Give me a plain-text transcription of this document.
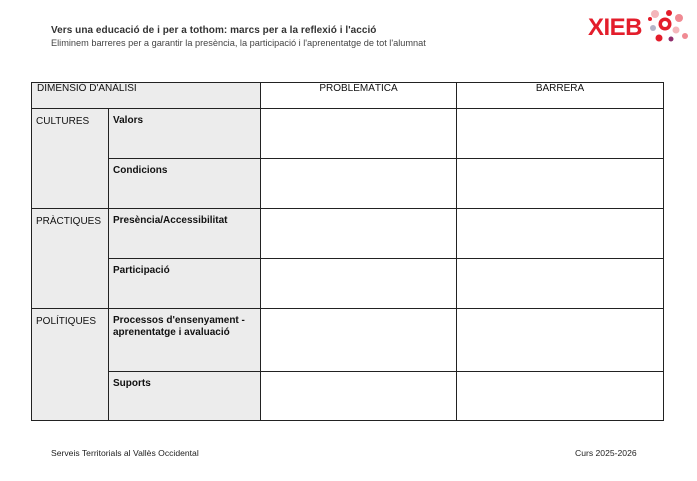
Vers una educació de i per a tothom: marcs per a la reflexió i l'acció
Eliminem barreres per a garantir la presència, la participació i l'aprenentatge de tot l'alumnat
XIEB
DIMENSIÓ D'ANÀLISI		PROBLEMÀTICA	BARRERA
CULTURES	Valors		
	Condicions		
PRÀCTIQUES	Presència/Accessibilitat		
	Participació		
POLÍTIQUES	Processos d'ensenyament - aprenentatge i avaluació		
	Suports		
Serveis Territorials al Vallès Occidental	Curs 2025-2026
